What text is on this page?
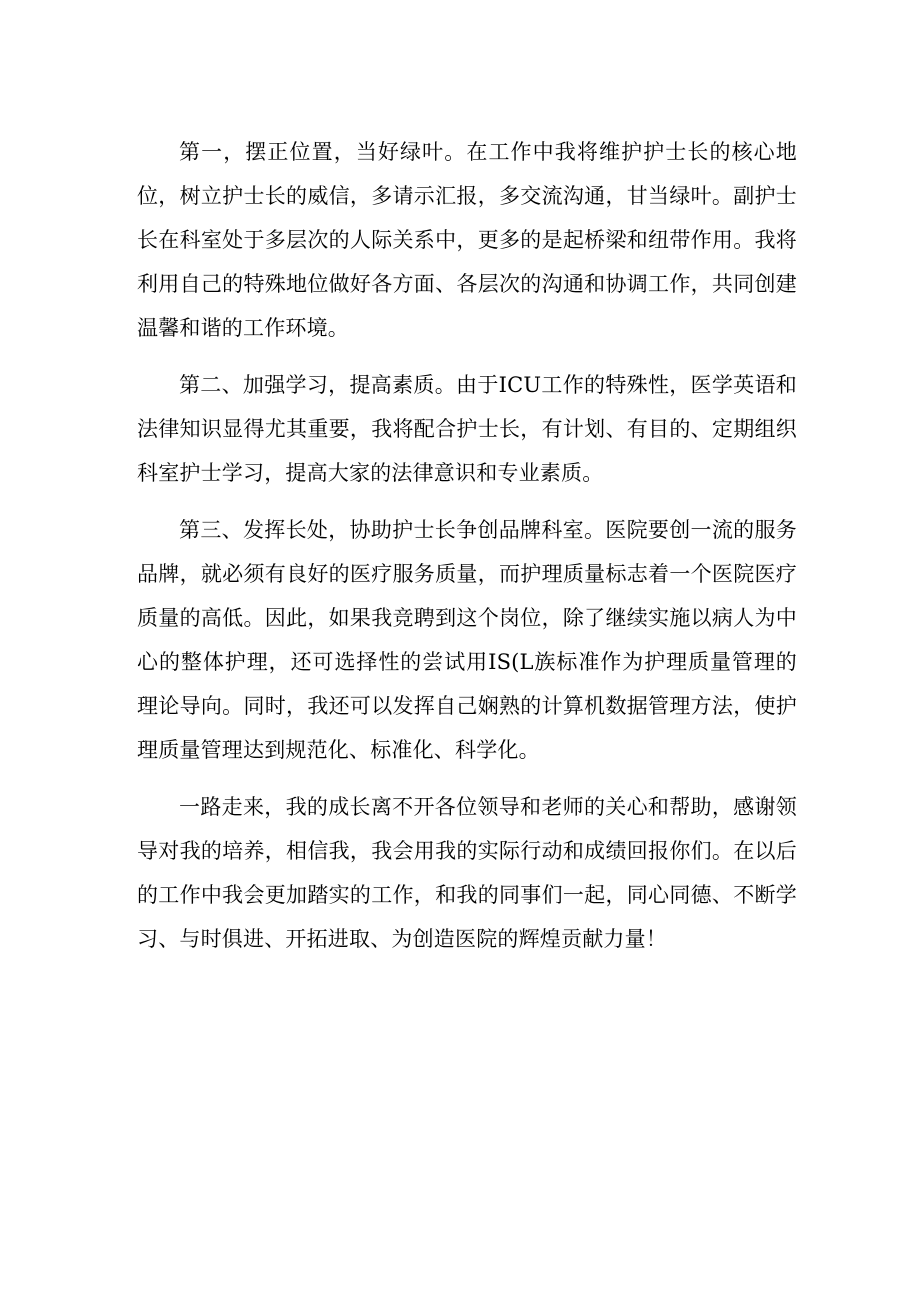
第一，摆正位置，当好绿叶。在工作中我将维护护士长的核心地位，树立护士长的威信，多请示汇报，多交流沟通，甘当绿叶。副护士长在科室处于多层次的人际关系中，更多的是起桥梁和纽带作用。我将利用自己的特殊地位做好各方面、各层次的沟通和协调工作，共同创建温馨和谐的工作环境。

第二、加强学习，提高素质。由于ICU工作的特殊性，医学英语和法律知识显得尤其重要，我将配合护士长，有计划、有目的、定期组织科室护士学习，提高大家的法律意识和专业素质。

第三、发挥长处，协助护士长争创品牌科室。医院要创一流的服务品牌，就必须有良好的医疗服务质量，而护理质量标志着一个医院医疗质量的高低。因此，如果我竞聘到这个岗位，除了继续实施以病人为中心的整体护理，还可选择性的尝试用IS(L族标准作为护理质量管理的理论导向。同时，我还可以发挥自己娴熟的计算机数据管理方法，使护理质量管理达到规范化、标准化、科学化。

一路走来，我的成长离不开各位领导和老师的关心和帮助，感谢领导对我的培养，相信我，我会用我的实际行动和成绩回报你们。在以后的工作中我会更加踏实的工作，和我的同事们一起，同心同德、不断学习、与时俱进、开拓进取、为创造医院的辉煌贡献力量！
